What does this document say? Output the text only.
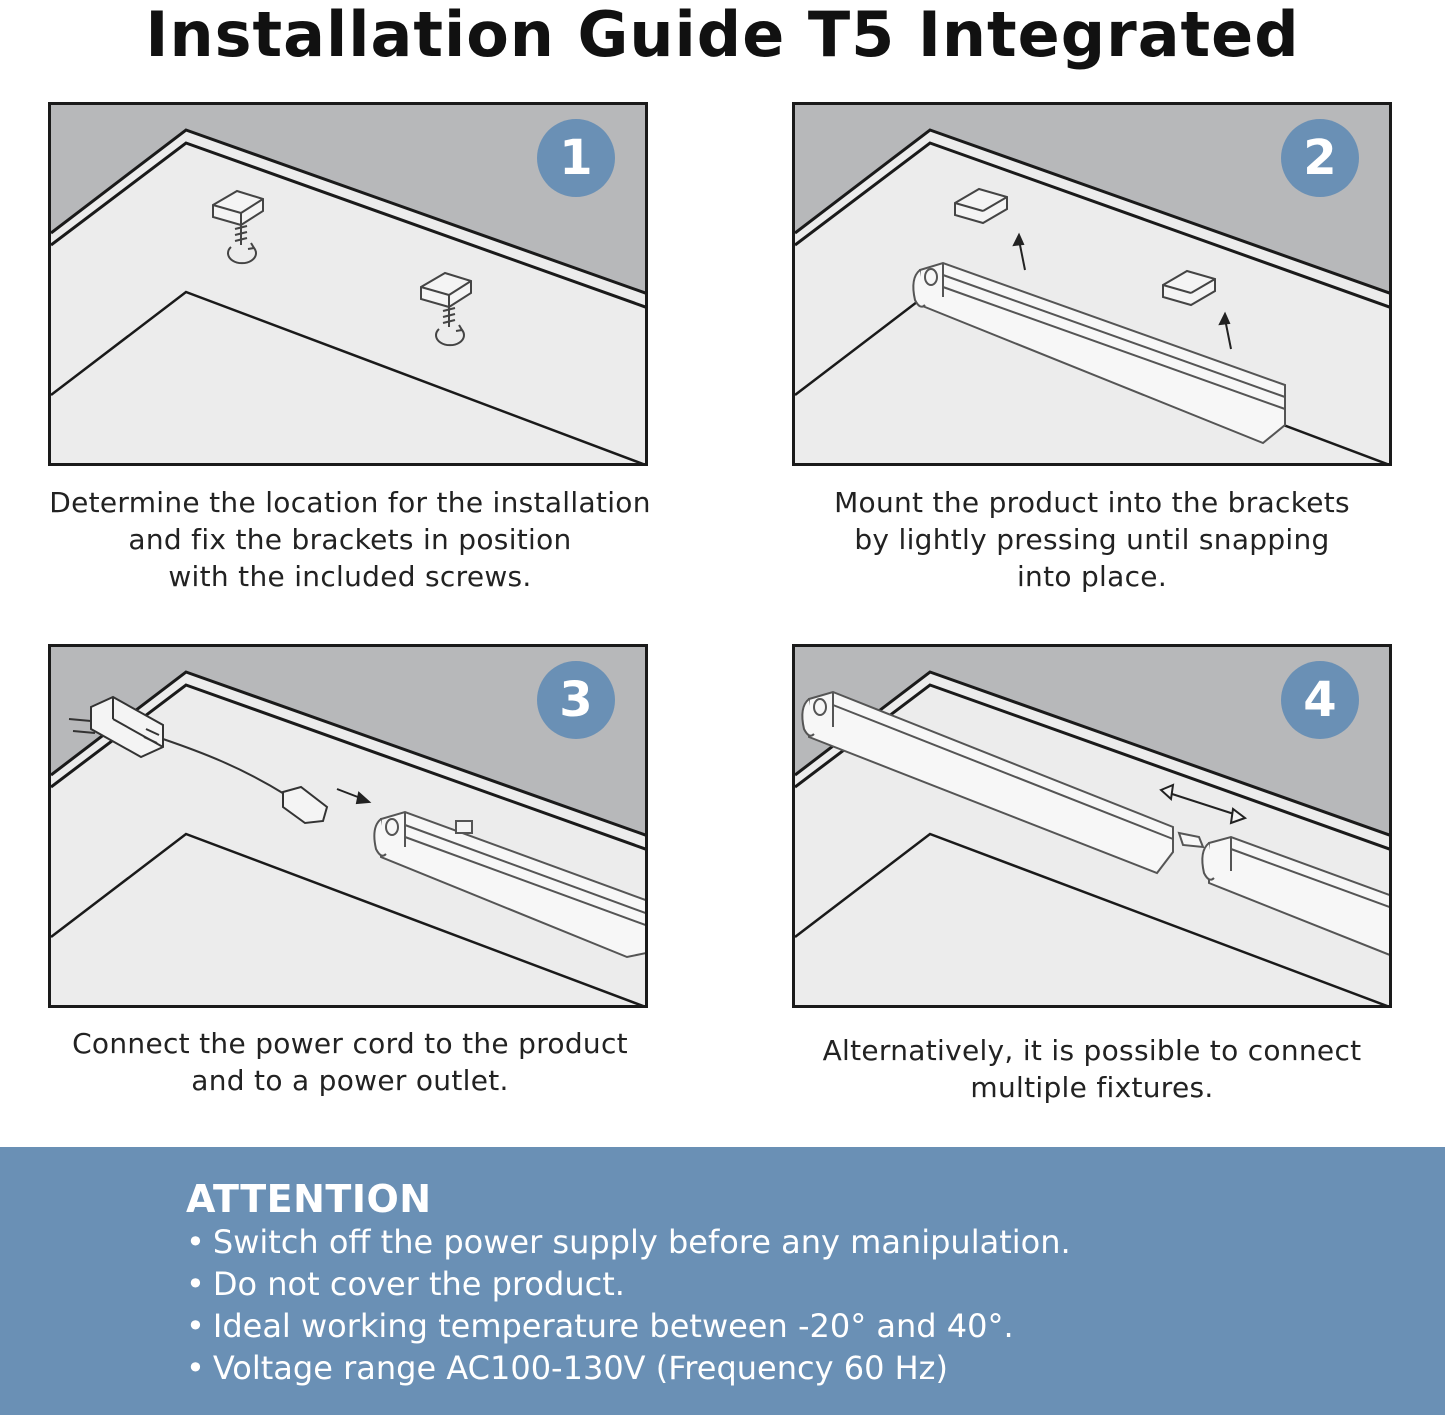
Installation Guide T5 Integrated
1
Determine the location for the installation
and fix the brackets in position
with the included screws.
2
Mount the product into the brackets
by lightly pressing until snapping
into place.
3
Connect the power cord to the product
and to a power outlet.
4
Alternatively, it is possible to connect
multiple fixtures.
ATTENTION
• Switch off the power supply before any manipulation.
• Do not cover the product.
• Ideal working temperature between -20° and 40°.
• Voltage range AC100-130V (Frequency 60 Hz)
